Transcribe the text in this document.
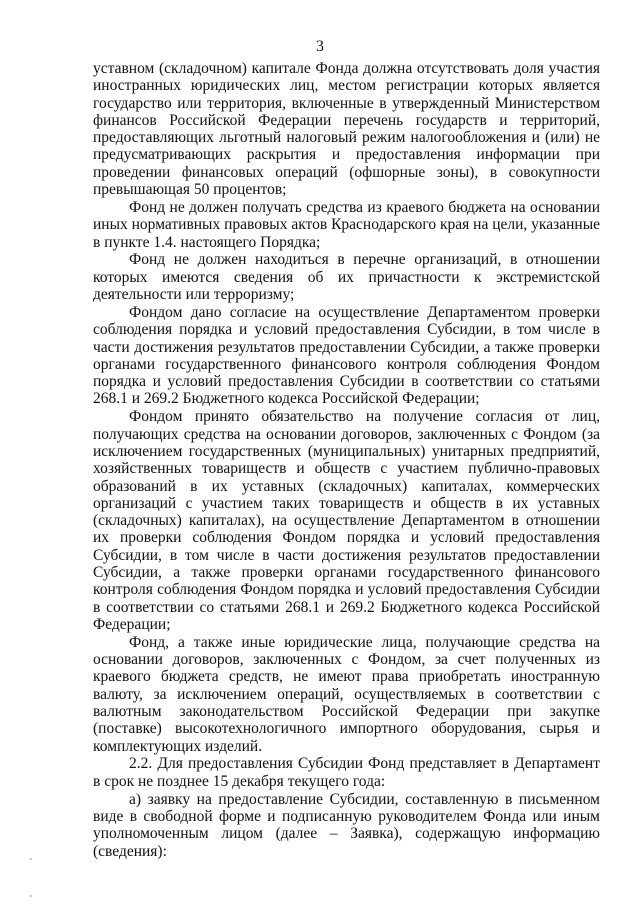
3

уставном (складочном) капитале Фонда должна отсутствовать доля участия иностранных юридических лиц, местом регистрации которых является государство или территория, включенные в утвержденный Министерством финансов Российской Федерации перечень государств и территорий, предоставляющих льготный налоговый режим налогообложения и (или) не предусматривающих раскрытия и предоставления информации при проведении финансовых операций (офшорные зоны), в совокупности превышающая 50 процентов;

Фонд не должен получать средства из краевого бюджета на основании иных нормативных правовых актов Краснодарского края на цели, указанные в пункте 1.4. настоящего Порядка;

Фонд не должен находиться в перечне организаций, в отношении которых имеются сведения об их причастности к экстремистской деятельности или терроризму;

Фондом дано согласие на осуществление Департаментом проверки соблюдения порядка и условий предоставления Субсидии, в том числе в части достижения результатов предоставлении Субсидии, а также проверки органами государственного финансового контроля соблюдения Фондом порядка и условий предоставления Субсидии в соответствии со статьями 268.1 и 269.2 Бюджетного кодекса Российской Федерации;

Фондом принято обязательство на получение согласия от лиц, получающих средства на основании договоров, заключенных с Фондом (за исключением государственных (муниципальных) унитарных предприятий, хозяйственных товариществ и обществ с участием публично-правовых образований в их уставных (складочных) капиталах, коммерческих организаций с участием таких товариществ и обществ в их уставных (складочных) капиталах), на осуществление Департаментом в отношении их проверки соблюдения Фондом порядка и условий предоставления Субсидии, в том числе в части достижения результатов предоставлении Субсидии, а также проверки органами государственного финансового контроля соблюдения Фондом порядка и условий предоставления Субсидии в соответствии со статьями 268.1 и 269.2 Бюджетного кодекса Российской Федерации;

Фонд, а также иные юридические лица, получающие средства на основании договоров, заключенных с Фондом, за счет полученных из краевого бюджета средств, не имеют права приобретать иностранную валюту, за исключением операций, осуществляемых в соответствии с валютным законодательством Российской Федерации при закупке (поставке) высокотехнологичного импортного оборудования, сырья и комплектующих изделий.

2.2. Для предоставления Субсидии Фонд представляет в Департамент в срок не позднее 15 декабря текущего года:

а) заявку на предоставление Субсидии, составленную в письменном виде в свободной форме и подписанную руководителем Фонда или иным уполномоченным лицом (далее – Заявка), содержащую информацию (сведения):
